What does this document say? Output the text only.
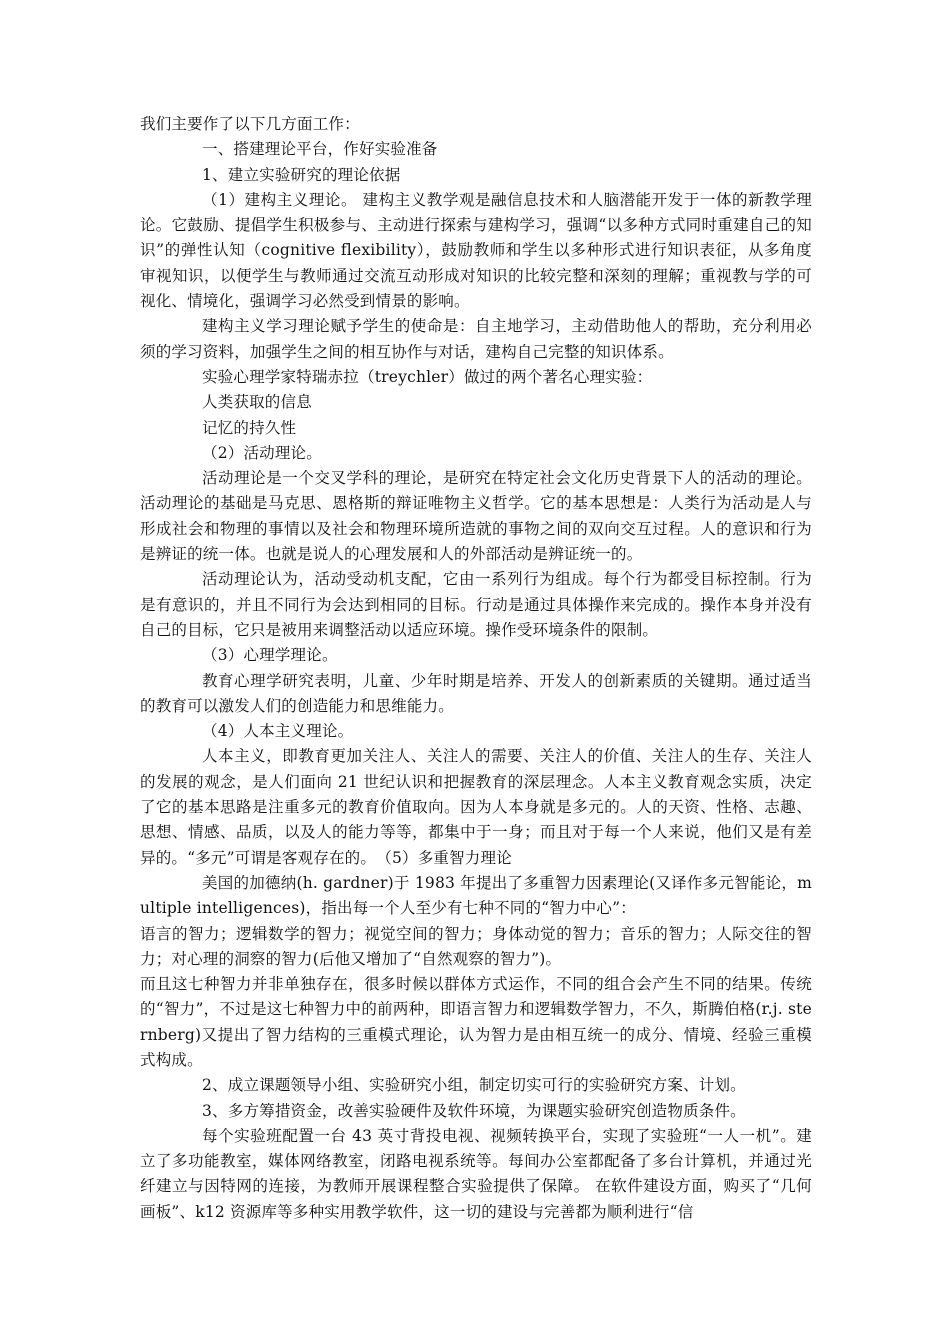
我们主要作了以下几方面工作：

一、搭建理论平台，作好实验准备

1、建立实验研究的理论依据

（1）建构主义理论。 建构主义教学观是融信息技术和人脑潜能开发于一体的新教学理论。它鼓励、提倡学生积极参与、主动进行探索与建构学习，强调“以多种方式同时重建自己的知识”的弹性认知（cognitive flexibility），鼓励教师和学生以多种形式进行知识表征，从多角度审视知识，以便学生与教师通过交流互动形成对知识的比较完整和深刻的理解；重视教与学的可视化、情境化，强调学习必然受到情景的影响。

建构主义学习理论赋予学生的使命是：自主地学习，主动借助他人的帮助，充分利用必须的学习资料，加强学生之间的相互协作与对话，建构自己完整的知识体系。

实验心理学家特瑞赤拉（treychler）做过的两个著名心理实验：

人类获取的信息

记忆的持久性

（2）活动理论。

活动理论是一个交叉学科的理论，是研究在特定社会文化历史背景下人的活动的理论。活动理论的基础是马克思、恩格斯的辩证唯物主义哲学。它的基本思想是：人类行为活动是人与形成社会和物理的事情以及社会和物理环境所造就的事物之间的双向交互过程。人的意识和行为是辨证的统一体。也就是说人的心理发展和人的外部活动是辨证统一的。

活动理论认为，活动受动机支配，它由一系列行为组成。每个行为都受目标控制。行为是有意识的，并且不同行为会达到相同的目标。行动是通过具体操作来完成的。操作本身并没有自己的目标，它只是被用来调整活动以适应环境。操作受环境条件的限制。

（3）心理学理论。

教育心理学研究表明，儿童、少年时期是培养、开发人的创新素质的关键期。通过适当的教育可以激发人们的创造能力和思维能力。

（4）人本主义理论。

人本主义，即教育更加关注人、关注人的需要、关注人的价值、关注人的生存、关注人的发展的观念，是人们面向 21 世纪认识和把握教育的深层理念。人本主义教育观念实质，决定了它的基本思路是注重多元的教育价值取向。因为人本身就是多元的。人的天资、性格、志趣、思想、情感、品质，以及人的能力等等，都集中于一身；而且对于每一个人来说，他们又是有差异的。“多元”可谓是客观存在的。　（5）多重智力理论

美国的加德纳(h. gardner)于 1983 年提出了多重智力因素理论(又译作多元智能论，multiple intelligences)，指出每一个人至少有七种不同的“智力中心”：

语言的智力；逻辑数学的智力；视觉空间的智力；身体动觉的智力；音乐的智力；人际交往的智力；对心理的洞察的智力(后他又增加了“自然观察的智力”)。

而且这七种智力并非单独存在，很多时候以群体方式运作，不同的组合会产生不同的结果。传统的“智力”，不过是这七种智力中的前两种，即语言智力和逻辑数学智力，不久，斯腾伯格(r.j. sternberg)又提出了智力结构的三重模式理论，认为智力是由相互统一的成分、情境、经验三重模式构成。

2、成立课题领导小组、实验研究小组，制定切实可行的实验研究方案、计划。

3、多方筹措资金，改善实验硬件及软件环境，为课题实验研究创造物质条件。

每个实验班配置一台 43 英寸背投电视、视频转换平台，实现了实验班“一人一机”。建立了多功能教室，媒体网络教室，闭路电视系统等。每间办公室都配备了多台计算机，并通过光纤建立与因特网的连接，为教师开展课程整合实验提供了保障。 在软件建设方面，购买了“几何画板”、k12 资源库等多种实用教学软件，这一切的建设与完善都为顺利进行“信
